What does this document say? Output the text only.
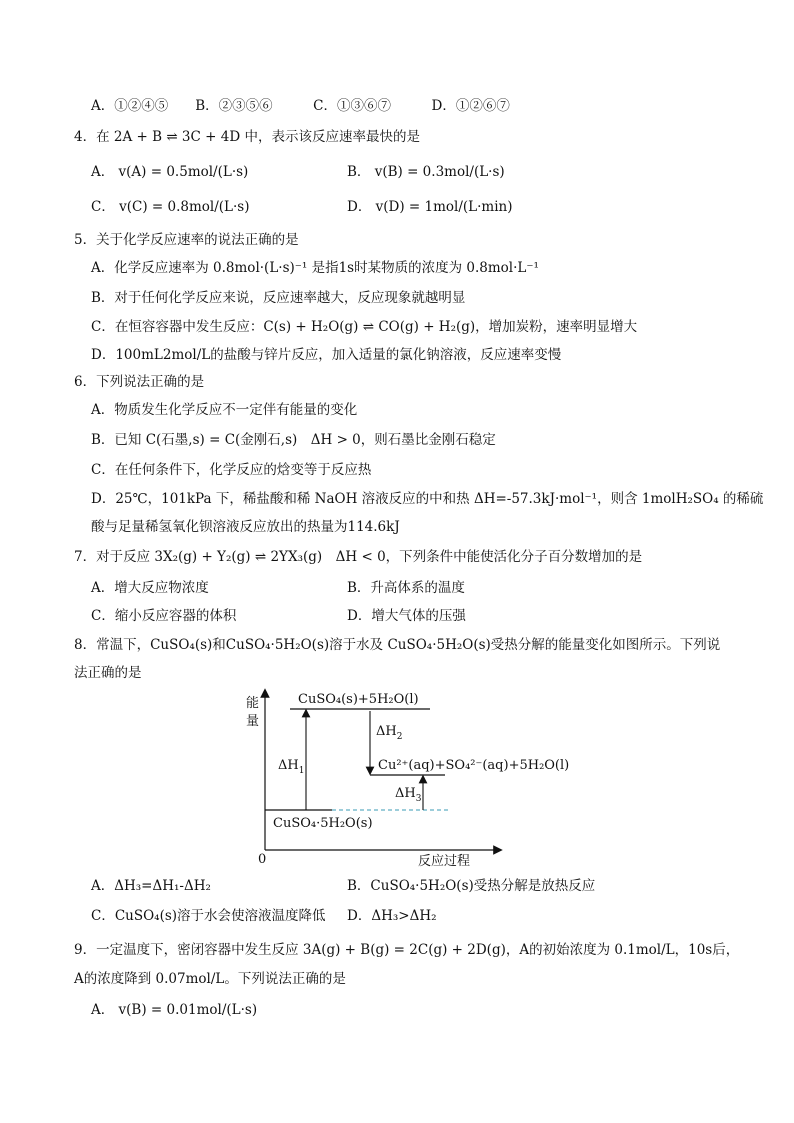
A．①②④⑤　　B．②③⑤⑥　　　C．①③⑥⑦　　　D．①②⑥⑦
4．在 2A + B ⇌ 3C + 4D 中，表示该反应速率最快的是
A． v(A) = 0.5mol/(L·s)	B． v(B) = 0.3mol/(L·s)
C． v(C) = 0.8mol/(L·s)	D． v(D) = 1mol/(L·min)
5．关于化学反应速率的说法正确的是
A．化学反应速率为 0.8mol·(L·s)⁻¹ 是指1s时某物质的浓度为 0.8mol·L⁻¹
B．对于任何化学反应来说，反应速率越大，反应现象就越明显
C．在恒容容器中发生反应：C(s) + H₂O(g) ⇌ CO(g) + H₂(g)，增加炭粉，速率明显增大
D．100mL2mol/L的盐酸与锌片反应，加入适量的氯化钠溶液，反应速率变慢
6．下列说法正确的是
A．物质发生化学反应不一定伴有能量的变化
B．已知 C(石墨,s) = C(金刚石,s)　ΔH > 0，则石墨比金刚石稳定
C．在任何条件下，化学反应的焓变等于反应热
D．25℃，101kPa 下，稀盐酸和稀 NaOH 溶液反应的中和热 ΔH=-57.3kJ·mol⁻¹，则含 1molH₂SO₄ 的稀硫
酸与足量稀氢氧化钡溶液反应放出的热量为114.6kJ
7．对于反应 3X₂(g) + Y₂(g) ⇌ 2YX₃(g)　ΔH < 0，下列条件中能使活化分子百分数增加的是
A．增大反应物浓度	B．升高体系的温度
C．缩小反应容器的体积	D．增大气体的压强
8．常温下，CuSO₄(s)和CuSO₄·5H₂O(s)溶于水及 CuSO₄·5H₂O(s)受热分解的能量变化如图所示。下列说
法正确的是
A．ΔH₃=ΔH₁-ΔH₂	B．CuSO₄·5H₂O(s)受热分解是放热反应
C．CuSO₄(s)溶于水会使溶液温度降低 D．ΔH₃>ΔH₂
9．一定温度下，密闭容器中发生反应 3A(g) + B(g) = 2C(g) + 2D(g)，A的初始浓度为 0.1mol/L，10s后，
A的浓度降到 0.07mol/L。下列说法正确的是
A． v(B) = 0.01mol/(L·s)
能
量
0	反应过程
CuSO₄(s)+5H₂O(l)
Cu²⁺(aq)+SO₄²⁻(aq)+5H₂O(l)
CuSO₄·5H₂O(s)
$\Delta H_1$
$\Delta H_2$
$\Delta H_3$
